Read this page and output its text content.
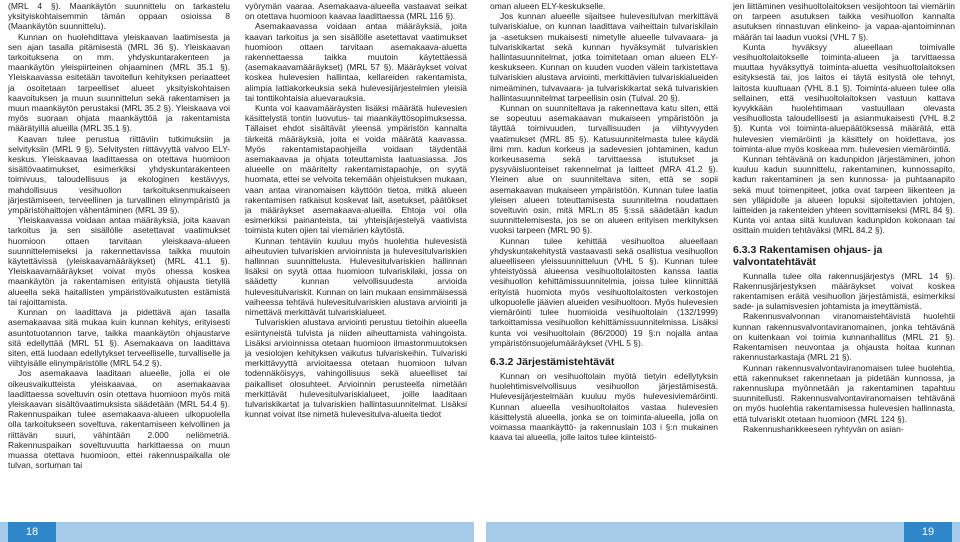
(MRL 4 §). Maankäytön suunnittelu on tarkastelu yksityiskohtaisemmin tämän oppaan osioissa 8 (Maankäytön suunnittelu).

Kunnan on huolehdittava yleiskaavan laatimisesta ja sen ajan tasalla pitämisestä (MRL 36 §). Yleiskaavan tarkoituksena on mm. yhdyskuntarakenteen ja maankäytön yleispiirteinen ohjaaminen (MRL 35.1 §). Yleiskaavassa esitetään tavoitellun kehityksen periaatteet ja osoitetaan tarpeelliset alueet yksityiskohtaisen kaavoituksen ja muun suunnittelun sekä rakentamisen ja muun maankäytön perustaksi (MRL 35.2 §). Yleiskaava voi myös suoraan ohjata maankäyttöä ja rakentamista määrätyillä alueilla (MRL 35.1 §).

Kaavan tulee perustua riittäviin tutkimuksiin ja selvityksiin (MRL 9 §). Selvitysten riittävyyttä valvoo ELY-keskus. Yleiskaavaa laadittaessa on otettava huomioon sisältövaatimukset, esimerkiksi yhdyskuntarakenteen toimivuus, taloudellisuus ja ekologinen kestävyys, mahdollisuus vesihuollon tarkoituksenmukaiseen järjestämiseen, terveellinen ja turvallinen elinympäristö ja ympäristöhaittojen vähentäminen (MRL 39 §).

Yleiskaavassa voidaan antaa määräyksiä, joita kaavan tarkoitus ja sen sisällölle asetettavat vaatimukset huomioon ottaen tarvitaan yleiskaava-alueen suunnittelemiseksi ja rakennettavissa taikka muutoin käytettävissä (yleiskaavamääräykset) (MRL 41.1 §). Yleiskaavamääräykset voivat myös ohessa koskea maankäytön ja rakentamisen erityistä ohjausta tietyllä alueella sekä haitallisten ympäristövaikutusten estämistä tai rajoittamista.

Kunnan on laadittava ja pidettävä ajan tasalla asemakaavaa sitä mukaa kuin kunnan kehitys, erityisesti asuntotuotannon tarve, taikka maankäytön ohjaustarve sitä edellyttää (MRL 51 §). Asemakaava on laadittava siten, että luodaan edellytykset terveelliselle, turvalliselle ja viihtyisälle elinympäristölle (MRL 54.2 §).

Jos asemakaava laaditaan alueelle, jolla ei ole oikeusvaikutteista yleiskaavaa, on asemakaavaa laadittaessa soveltuvin osin otettava huomioon myös mitä yleiskaavan sisältövaatimuksista säädetään (MRL 54.4 §). Rakennuspaikan tulee asemakaava-alueen ulkopuolella olla tarkoitukseen soveltuva, rakentamiseen kelvollinen ja riittävän suuri, vähintään 2.000 neliömetriä. Rakennuspaikan soveltuvuutta harkittaessa on muun muassa otettava huomioon, ettei rakennuspaikalla ole tulvan, sortuman tai

vyörymän vaaraa. Asemakaava-alueella vastaavat seikat on otettava huomioon kaavaa laadittaessa (MRL 116 §).

Asemakaavassa voidaan antaa määräyksiä, joita kaavan tarkoitus ja sen sisällölle asetettavat vaatimukset huomioon ottaen tarvitaan asemakaava-aluetta rakennettaessa taikka muutoin käytettäessä (asemakaavamääräykset) (MRL 57 §). Määräykset voivat koskea hulevesien hallintaa, kellareiden rakentamista, alimpia lattiakorkeuksia sekä hulevesijärjestelmien yleisiä tai tonttikohtaisia aluevarauksia.

Kunta voi kaavamääräysten lisäksi määrätä hulevesien käsittelystä tontin luovutus- tai maankäyttösopimuksessa. Tällaiset ehdot sisältävät yleensä ympäristön kannalta tärkeitä määräyksiä, joita ei voida määrätä kaavassa. Myös rakentamistapaohjeilla voidaan täydentää asemakaavaa ja ohjata toteuttamista laatuasiassa. Jos alueelle on määritelty rakentamistapaohje, on syytä huomata, ettei se velvoita tekemään ohjeistuksen mukaan, vaan antaa viranomaisen käyttöön tietoa, mitkä alueen rakentamisen ratkaisut koskevat lait, asetukset, päätökset ja määräykset asemakaava-alueilla. Ehtoja voi olla esimerkiksi painanteista, tai yhteisjärjestelyä vaativista toimista kuten ojien tai viemärien käytöstä.

Kunnan tehtäviin kuuluu myös huolehtia hulevesistä aiheutuvien tulvariskien arvioinnista ja hulevesitulvariskien hallinnan suunnittelusta. Hulevesitulvariskien hallinnan lisäksi on syytä ottaa huomioon tulvariskilaki, jossa on säädetty kunnan velvollisuudesta arvioida hulevesitulvariskit. Kunnan on lain mukaan ensimmäisessä vaiheessa tehtävä hulevesitulvariskien alustava arviointi ja nimettävä merkittävät tulvariskialueet.

Tulvariskien alustava arviointi perustuu tietoihin alueella esiintyneistä tulvista ja niiden aiheuttamista vahingoista. Lisäksi arvioinnissa otetaan huomioon ilmastonmuutoksen ja vesiolojen kehityksen vaikutus tulvariskeihin. Tulvariski merkittävyyttä arvioitaessa otetaan huomioon tulvan todennäköisyys, vahingollisuus sekä alueelliset tai paikalliset olosuhteet. Arvioinnin perusteella nimetään merkittävät hulevesitulvariskialueet, joille laaditaan tulvariskikartat ja tulvariskien hallintasuunnitelmat. Lisäksi kunnat voivat itse nimetä hulevesitulva-alueita tiedot

oman alueen ELY-keskukselle.

Jos kunnan alueelle sijaitsee hulevesitulvan merkittävä tulvariskialue, on kunnan laadittava vaiheittain tulvariskilain ja -asetuksen mukaisesti nimetylle alueelle tulvavaara- ja tulvariskikartat sekä kunnan hyväksymät tulvariskien hallintasuunnitelmat, jotka toimitetaan oman alueen ELY-keskukseen. Kunnan on kuuden vuoden välein tarkistettava tulvariskien alustava arviointi, merkittävien tulvariskialueiden nimeäminen, tulvavaara- ja tulvariskikartat sekä tulvariskien hallintasuunnitelmat tarpeellisin osin (Tulval. 20 §).

Kunnan on suunniteltava ja rakennettava katu siten, että se sopeutuu asemakaavan mukaiseen ympäristöön ja täyttää toimivuuden, turvallisuuden ja viihtyvyyden vaatimukset (MRL 85 §). Katusuunnitelmasta tulee käydä ilmi mm. kadun korkeus ja sadevesien johtaminen, kadun korkeusasema sekä tarvittaessa istutukset ja pysyväisluonteiset rakennelmat ja laitteet (MRA 41.2 §). Yleinen alue on suunniteltava siten, että se sopii asemakaavan mukaiseen ympäristöön. Kunnan tulee laatia yleisen alueen toteuttamisesta suunnitelma noudattaen soveltuvin osin, mitä MRL:n 85 §:ssä säädetään kadun suunnittelemisesta, jos se on alueen erityisen merkityksen vuoksi tarpeen (MRL 90 §).

Kunnan tulee kehittää vesihuoltoa alueellaan yhdyskuntakehitystä vastaavasti sekä osallistua vesihuollon alueelliseen yleissuunnitteluun (VHL 5 §). Kunnan tulee yhteistyössä alueensa vesihuoltolaitosten kanssa laatia vesihuollon kehittämissuunnitelmia, joissa tulee kiinnittää erityistä huomiota myös vesihuoltolaitosten verkostojen ulkopuolelle jäävien alueiden vesihuoltoon. Myös hulevesien viemäröinti tulee huomioida vesihuoltolain (132/1999) tarkoittamissa vesihuollon kehittämissuunnitelmissa. Lisäksi kunta voi vesihuoltolain (86/2000) 19 §:n nojalla antaa ympäristönsuojelumääräykset (VHL 5 §).

6.3.2 Järjestämistehtävät

Kunnan on vesihuoltolain myötä tietyin edellytyksin huolehtimisvelvollisuus vesihuollon järjestämisestä. Hulevesijärjestelmään kuuluu myös hulevesiviemäröinti. Kunnan alueella vesihuoltolaitos vastaa hulevesien käsittelystä alueella, jonka se on toiminta-alueella, jolla on voimassa maankäyttö- ja rakennuslain 103 i §:n mukainen kaava tai alueella, jolle laitos tulee kiinteistö-

jen liittäminen vesihuoltolaitoksen vesijohtoon tai viemäriin on tarpeen asutuksen taikka vesihuollon kannalta asutuksen rinnastuvan elinkeino- ja vapaa-ajantoiminnan määrän tai laadun vuoksi (VHL 7 §).

Kunta hyväksyy alueellaan toimivalle vesihuoltolaitokselle toiminta-alueen ja tarvittaessa muuttaa hyväksyttyä toiminta-aluetta vesihuoltolaitoksen esityksestä tai, jos laitos ei täytä esitystä ole tehnyt, laitosta kuultuaan (VHL 8.1 §). Toiminta-alueen tulee olla sellainen, että vesihuoltolaitoksen vastuun kattava kyvykkään huolehtimaan vastuullaan olevasta vesihuollosta taloudellisesti ja asianmukaisesti (VHL 8.2 §). Kunta voi toiminta-aluepäätöksessä määrätä, että hulevesien viemäröinti ja käsittely on hoidettava, jos toiminta-alue myös koskeaa mm. hulevesien viemäröintiä.

Kunnan tehtävänä on kadunpidon järjestäminen, johon kuuluu kadun suunnittelu, rakentaminen, kunnossapito, kadun rakentaminen ja sen kunnossa- ja puhtaanapito sekä muut toimenpiteet, jotka ovat tarpeen liikenteen ja sen ylläpidolle ja alueen lopuksi sijoitettavien johtojen, laitteiden ja rakenteiden yhteen sovittamiseksi (MRL 84 §). Kunta voi antaa siitä kuuluvan kadunpidon kokonaan tai osittain muiden tehtäväksi (MRL 84.2 §).

6.3.3 Rakentamisen ohjaus- ja valvontatehtävät

Kunnalla tulee olla rakennusjärjestys (MRL 14 §). Rakennusjärjestyksen määräykset voivat koskea rakentamisen eräitä vesihuollon järjestämistä, esimerkiksi sade- ja sulamisvesien johtamista ja imeyttämistä.

Rakennusvalvonnan viranomaistehtävistä huolehtii kunnan rakennusvalvontaviranomainen, jonka tehtävänä on kuitenkaan voi toimia kunnanhallitus (MRL 21 §). Rakentamisen neuvontaa ja ohjausta hoitaa kunnan rakennustarkastaja (MRL 21 §).

Kunnan rakennusvalvontaviranomaisen tulee huolehtia, että rakennukset rakennetaan ja pidetään kunnossa, ja rakennuslupa myönnetään ja rakentaminen tapahtuu suunnitellusti. Rakennusvalvontaviranomaisen tehtävänä on myös huolehtia rakentamisessa hulevesien hallinnasta, että tulvariskit otetaan huomioon (MRL 124 §).

Rakennushankkeeseen ryhtyvän on asian-

18	19
